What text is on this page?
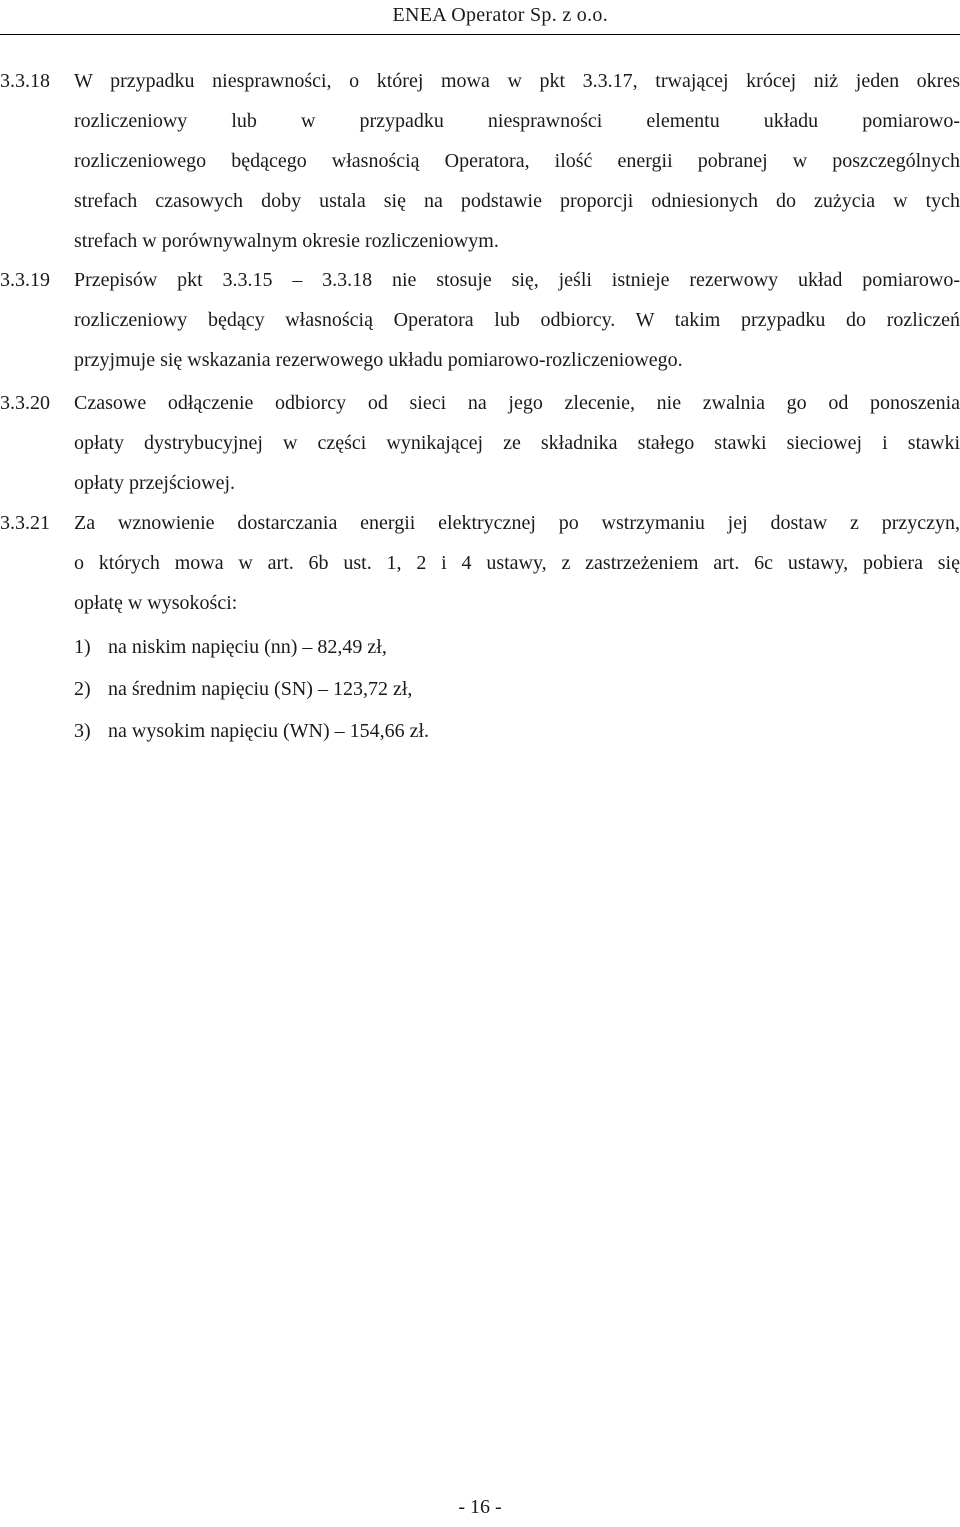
ENEA Operator Sp. z o.o.
3.3.18 W przypadku niesprawności, o której mowa w pkt 3.3.17, trwającej krócej niż jeden okres
rozliczeniowy lub w przypadku niesprawności elementu układu pomiarowo-
rozliczeniowego będącego własnością Operatora, ilość energii pobranej w poszczególnych
strefach czasowych doby ustala się na podstawie proporcji odniesionych do zużycia w tych
strefach w porównywalnym okresie rozliczeniowym.
3.3.19 Przepisów pkt 3.3.15 – 3.3.18 nie stosuje się, jeśli istnieje rezerwowy układ pomiarowo-
rozliczeniowy będący własnością Operatora lub odbiorcy. W takim przypadku do rozliczeń
przyjmuje się wskazania rezerwowego układu pomiarowo-rozliczeniowego.
3.3.20 Czasowe odłączenie odbiorcy od sieci na jego zlecenie, nie zwalnia go od ponoszenia
opłaty dystrybucyjnej w części wynikającej ze składnika stałego stawki sieciowej i stawki
opłaty przejściowej.
3.3.21 Za wznowienie dostarczania energii elektrycznej po wstrzymaniu jej dostaw z przyczyn,
o których mowa w art. 6b ust. 1, 2 i 4 ustawy, z zastrzeżeniem art. 6c ustawy, pobiera się
opłatę w wysokości:
1) na niskim napięciu (nn) – 82,49 zł,
2) na średnim napięciu (SN) – 123,72 zł,
3) na wysokim napięciu (WN) – 154,66 zł.
- 16 -
